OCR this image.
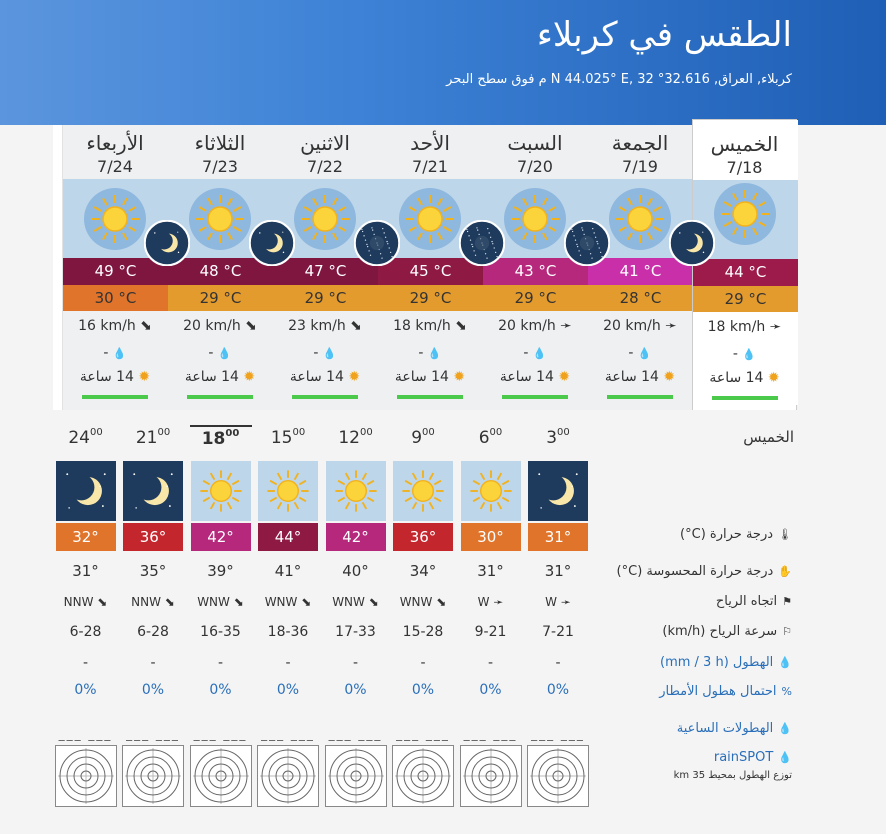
الطقس في كربلاء
كربلاء, العراق, 32.616° N 44.025° E, 32 م فوق سطح البحر
الخميس
7/18
44 °C
29 °C
18 km/h ➛
- 💧
✹ 14 ساعة
الجمعة
7/19
41 °C
28 °C
20 km/h ➛
- 💧
✹ 14 ساعة
السبت
7/20
43 °C
29 °C
20 km/h ➛
- 💧
✹ 14 ساعة
الأحد
7/21
45 °C
29 °C
18 km/h ⬊
- 💧
✹ 14 ساعة
الاثنين
7/22
47 °C
29 °C
23 km/h ⬊
- 💧
✹ 14 ساعة
الثلاثاء
7/23
48 °C
29 °C
20 km/h ⬊
- 💧
✹ 14 ساعة
الأربعاء
7/24
49 °C
30 °C
16 km/h ⬊
- 💧
✹ 14 ساعة
الخميس
$3^{00}$
31°
31°
W ➛
7-21
-
0%
___ ___
$6^{00}$
30°
31°
W ➛
9-21
-
0%
___ ___
$9^{00}$
36°
34°
WNW ⬊
15-28
-
0%
___ ___
$12^{00}$
42°
40°
WNW ⬊
17-33
-
0%
___ ___
$15^{00}$
44°
41°
WNW ⬊
18-36
-
0%
___ ___
$18^{00}$
42°
39°
WNW ⬊
16-35
-
0%
___ ___
$21^{00}$
36°
35°
NNW ⬊
6-28
-
0%
___ ___
$24^{00}$
32°
31°
NNW ⬊
6-28
-
0%
___ ___
🌡درجة حرارة (C°)
✋درجة حرارة المحسوسة (C°)
⚑اتجاه الرياح
⚐سرعة الرياح (km/h)
💧الهطول (mm / 3 h)
%احتمال هطول الأمطار
💧الهطولات الساعية
💧rainSPOT
توزع الهطول بمحيط 35 km
